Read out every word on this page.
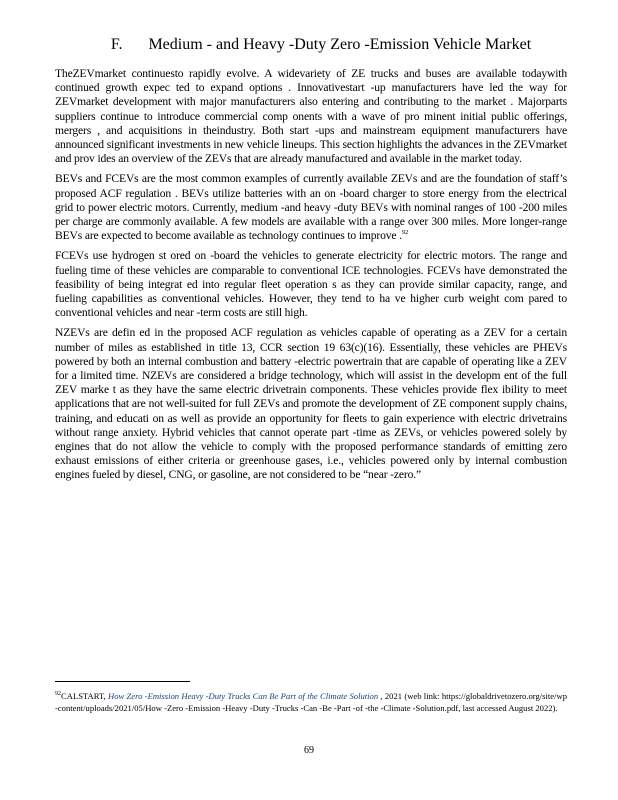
F. Medium - and Heavy -Duty Zero -Emission Vehicle Market

TheZEVmarket continuesto rapidly evolve. A widevariety of ZE trucks and buses are available todaywith continued growth expec ted to expand options . Innovativestart -up manufacturers have led the way for ZEVmarket development with major manufacturers also entering and contributing to the market . Majorparts suppliers continue to introduce commercial comp onents with a wave of pro minent initial public offerings, mergers , and acquisitions in theindustry. Both start -ups and mainstream equipment manufacturers have announced significant investments in new vehicle lineups. This section highlights the advances in the ZEVmarket and prov ides an overview of the ZEVs that are already manufactured and available in the market today.

BEVs and FCEVs are the most common examples of currently available ZEVs and are the foundation of staff’s proposed ACF regulation . BEVs utilize batteries with an on -board charger to store energy from the electrical grid to power electric motors. Currently, medium -and heavy -duty BEVs with nominal ranges of 100 -200 miles per charge are commonly available. A few models are available with a range over 300 miles. More longer-range BEVs are expected to become available as technology continues to improve .$^{92}$

FCEVs use hydrogen st ored on -board the vehicles to generate electricity for electric motors. The range and fueling time of these vehicles are comparable to conventional ICE technologies. FCEVs have demonstrated the feasibility of being integrat ed into regular fleet operation s as they can provide similar capacity, range, and fueling capabilities as conventional vehicles. However, they tend to ha ve higher curb weight com pared to conventional vehicles and near -term costs are still high.

NZEVs are defin ed in the proposed ACF regulation as vehicles capable of operating as a ZEV for a certain number of miles as established in title 13, CCR section 19 63(c)(16). Essentially, these vehicles are PHEVs powered by both an internal combustion and battery -electric powertrain that are capable of operating like a ZEV for a limited time. NZEVs are considered a bridge technology, which will assist in the developm ent of the full ZEV marke t as they have the same electric drivetrain components. These vehicles provide flex ibility to meet applications that are not well-suited for full ZEVs and promote the development of ZE component supply chains, training, and educati on as well as provide an opportunity for fleets to gain experience with electric drivetrains without range anxiety. Hybrid vehicles that cannot operate part -time as ZEVs, or vehicles powered solely by engines that do not allow the vehicle to comply with the proposed performance standards of emitting zero exhaust emissions of either criteria or greenhouse gases, i.e., vehicles powered only by internal combustion engines fueled by diesel, CNG, or gasoline, are not considered to be “near -zero.”

$^{92}$CALSTART, How Zero -Emission Heavy -Duty Trucks Can Be Part of the Climate Solution , 2021 (web link: https://globaldrivetozero.org/site/wp -content/uploads/2021/05/How -Zero -Emission -Heavy -Duty -Trucks -Can -Be -Part -of -the -Climate -Solution.pdf, last accessed August 2022).
69
